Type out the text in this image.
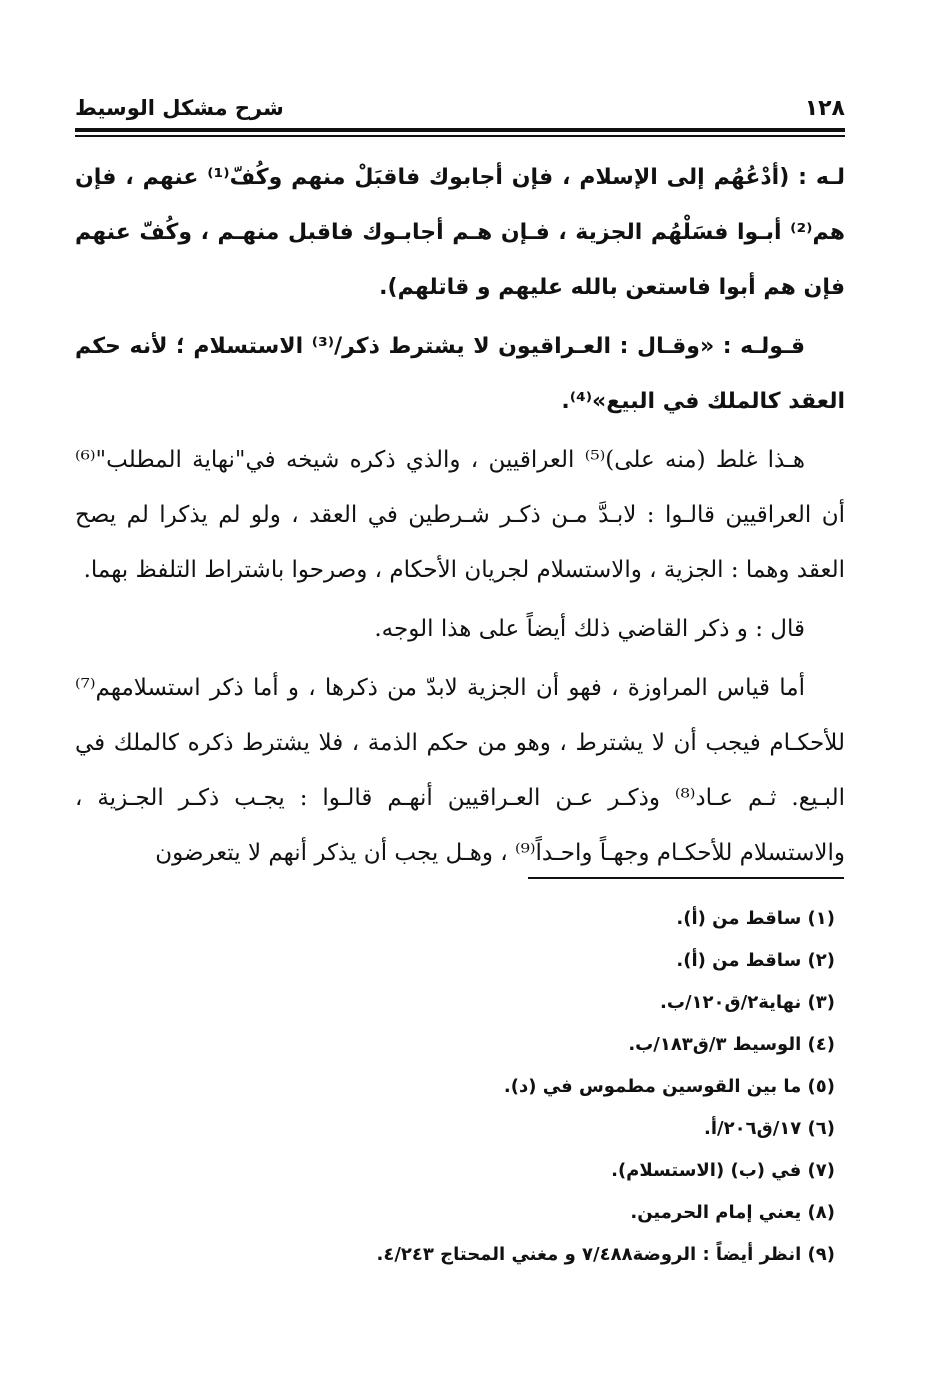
١٢٨
شرح مشكل الوسيط

لـه : (أدْعُهُم إلى الإسلام ، فإن أجابوك فاقبَلْ منهم وكُفّ⁽¹⁾ عنهم ، فإن هم⁽²⁾ أبـوا فسَلْهُم الجزية ، فـإن هـم أجابـوك فاقبل منهـم ، وكُفّ عنهم فإن هم أبوا فاستعن بالله عليهم و قاتلهم).

قـولـه : «وقـال : العـراقيون لا يشترط ذكر/⁽³⁾ الاستسلام ؛ لأنه حكم العقد كالملك في البيع»⁽⁴⁾.

هـذا غلط (منه على)⁽⁵⁾ العراقيين ، والذي ذكره شيخه في"نهاية المطلب"⁽⁶⁾ أن العراقيين قالـوا : لابـدَّ مـن ذكـر شـرطين في العقد ، ولو لم يذكرا لم يصح العقد وهما : الجزية ، والاستسلام لجريان الأحكام ، وصرحوا باشتراط التلفظ بهما.

قال : و ذكر القاضي ذلك أيضاً على هذا الوجه.

أما قياس المراوزة ، فهو أن الجزية لابدّ من ذكرها ، و أما ذكر استسلامهم⁽⁷⁾ للأحكـام فيجب أن لا يشترط ، وهو من حكم الذمة ، فلا يشترط ذكره كالملك في البـيع. ثـم عـاد⁽⁸⁾ وذكـر عـن العـراقيين أنهـم قالـوا : يجـب ذكـر الجـزية ، والاستسلام للأحكـام وجهـاً واحـداً⁽⁹⁾ ، وهـل يجب أن يذكر أنهم لا يتعرضون

(١) ساقط من (أ).
(٢) ساقط من (أ).
(٣) نهاية٢/ق١٢٠/ب.
(٤) الوسيط ٣/ق١٨٣/ب.
(٥) ما بين القوسين مطموس في (د).
(٦) ١٧/ق٢٠٦/أ.
(٧) في (ب) (الاستسلام).
(٨) يعني إمام الحرمين.
(٩) انظر أيضاً : الروضة٧/٤٨٨ و مغني المحتاج ٤/٢٤٣.
